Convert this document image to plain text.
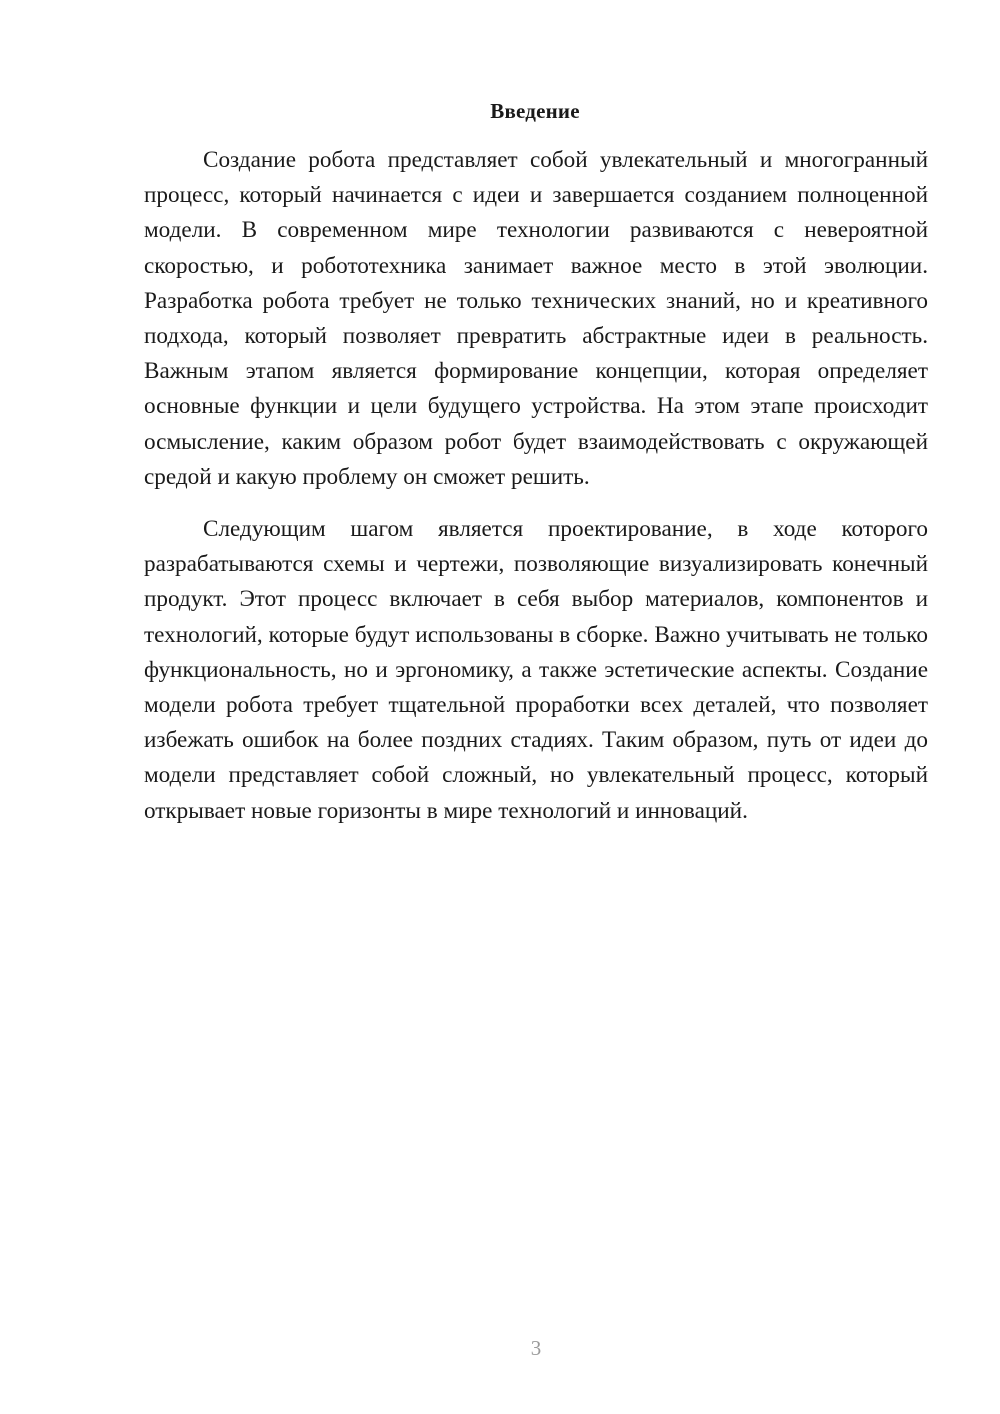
Введение

Создание робота представляет собой увлекательный и многогранный процесс, который начинается с идеи и завершается созданием полноценной модели. В современном мире технологии развиваются с невероятной скоростью, и робототехника занимает важное место в этой эволюции. Разработка робота требует не только технических знаний, но и креативного подхода, который позволяет превратить абстрактные идеи в реальность. Важным этапом является формирование концепции, которая определяет основные функции и цели будущего устройства. На этом этапе происходит осмысление, каким образом робот будет взаимодействовать с окружающей средой и какую проблему он сможет решить.

Следующим шагом является проектирование, в ходе которого разрабатываются схемы и чертежи, позволяющие визуализировать конечный продукт. Этот процесс включает в себя выбор материалов, компонентов и технологий, которые будут использованы в сборке. Важно учитывать не только функциональность, но и эргономику, а также эстетические аспекты. Создание модели робота требует тщательной проработки всех деталей, что позволяет избежать ошибок на более поздних стадиях. Таким образом, путь от идеи до модели представляет собой сложный, но увлекательный процесс, который открывает новые горизонты в мире технологий и инноваций.

3
